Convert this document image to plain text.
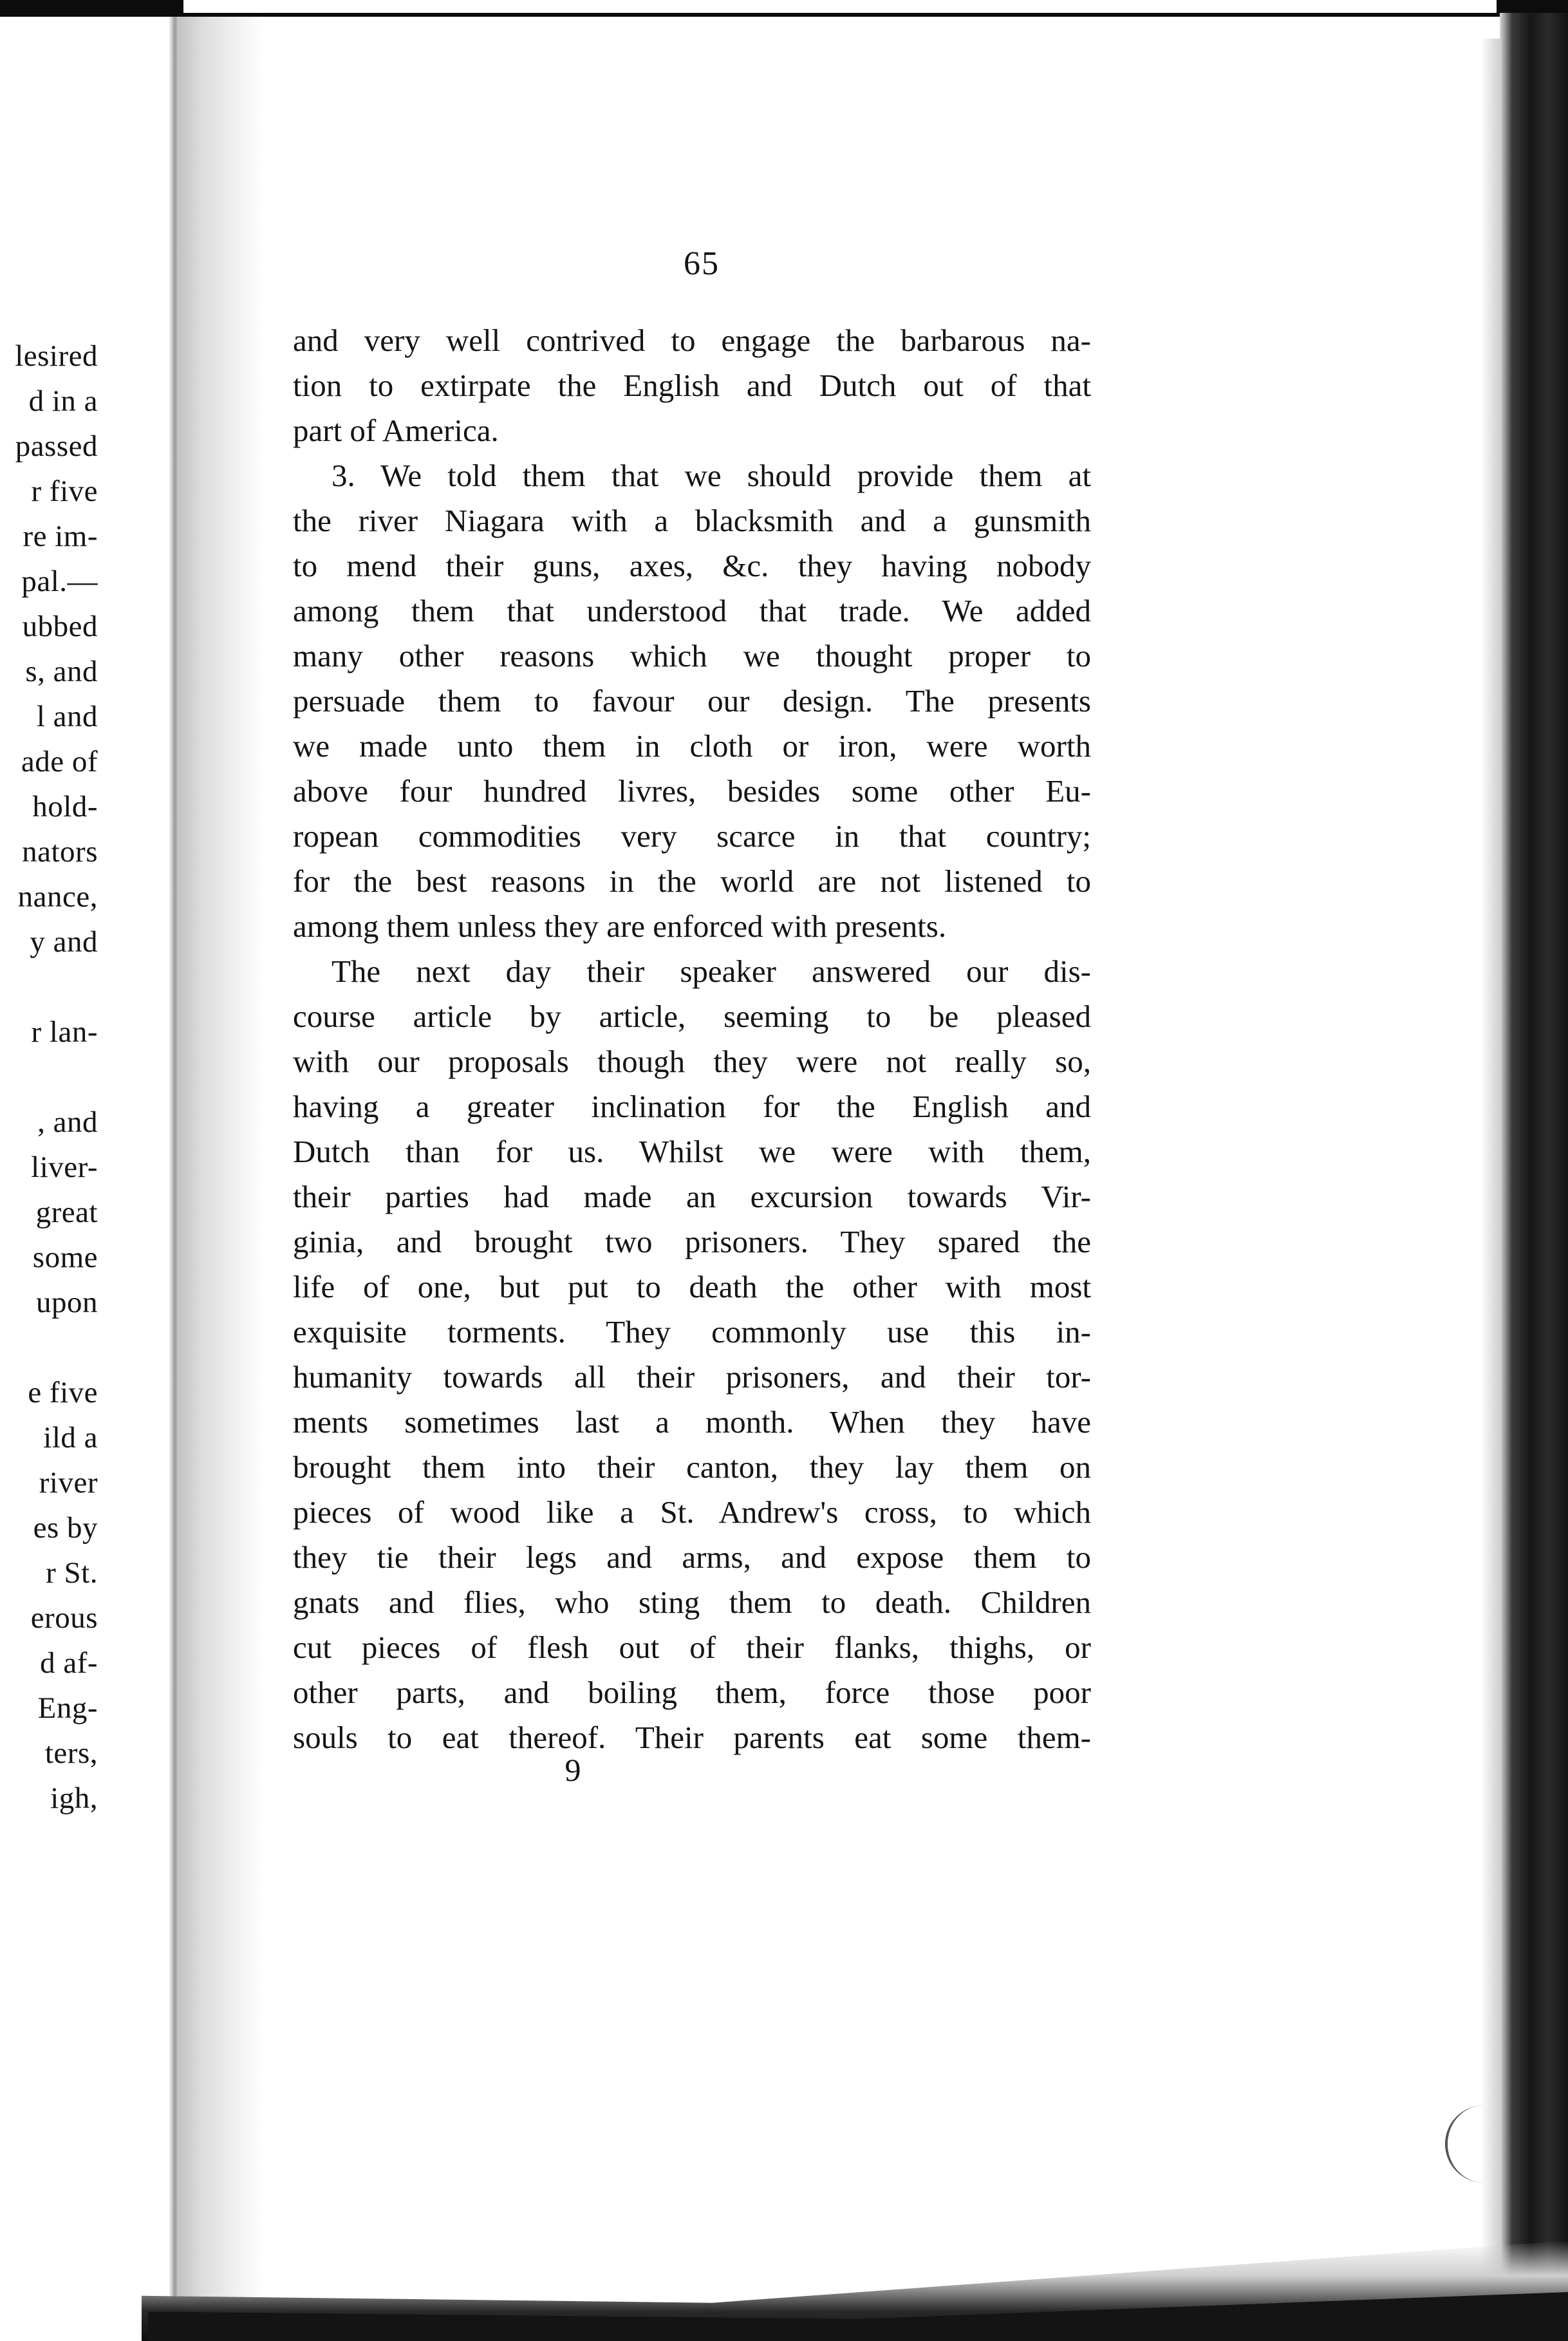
lesired
d in a
passed
r five
re im-
pal.—
ubbed
s, and
l and
ade of
hold-
nators
nance,
y and
r lan-
, and
liver-
great
some
upon
e five
ild a
river
es by
r St.
erous
d af-
Eng-
ters,
igh,
65
and very well contrived to engage the barbarous na-
tion to extirpate the English and Dutch out of that
part of America.
3. We told them that we should provide them at
the river Niagara with a blacksmith and a gunsmith
to mend their guns, axes, &c. they having nobody
among them that understood that trade. We added
many other reasons which we thought proper to
persuade them to favour our design. The presents
we made unto them in cloth or iron, were worth
above four hundred livres, besides some other Eu-
ropean commodities very scarce in that country;
for the best reasons in the world are not listened to
among them unless they are enforced with presents.
The next day their speaker answered our dis-
course article by article, seeming to be pleased
with our proposals though they were not really so,
having a greater inclination for the English and
Dutch than for us. Whilst we were with them,
their parties had made an excursion towards Vir-
ginia, and brought two prisoners. They spared the
life of one, but put to death the other with most
exquisite torments. They commonly use this in-
humanity towards all their prisoners, and their tor-
ments sometimes last a month. When they have
brought them into their canton, they lay them on
pieces of wood like a St. Andrew's cross, to which
they tie their legs and arms, and expose them to
gnats and flies, who sting them to death. Children
cut pieces of flesh out of their flanks, thighs, or
other parts, and boiling them, force those poor
souls to eat thereof. Their parents eat some them-
9
